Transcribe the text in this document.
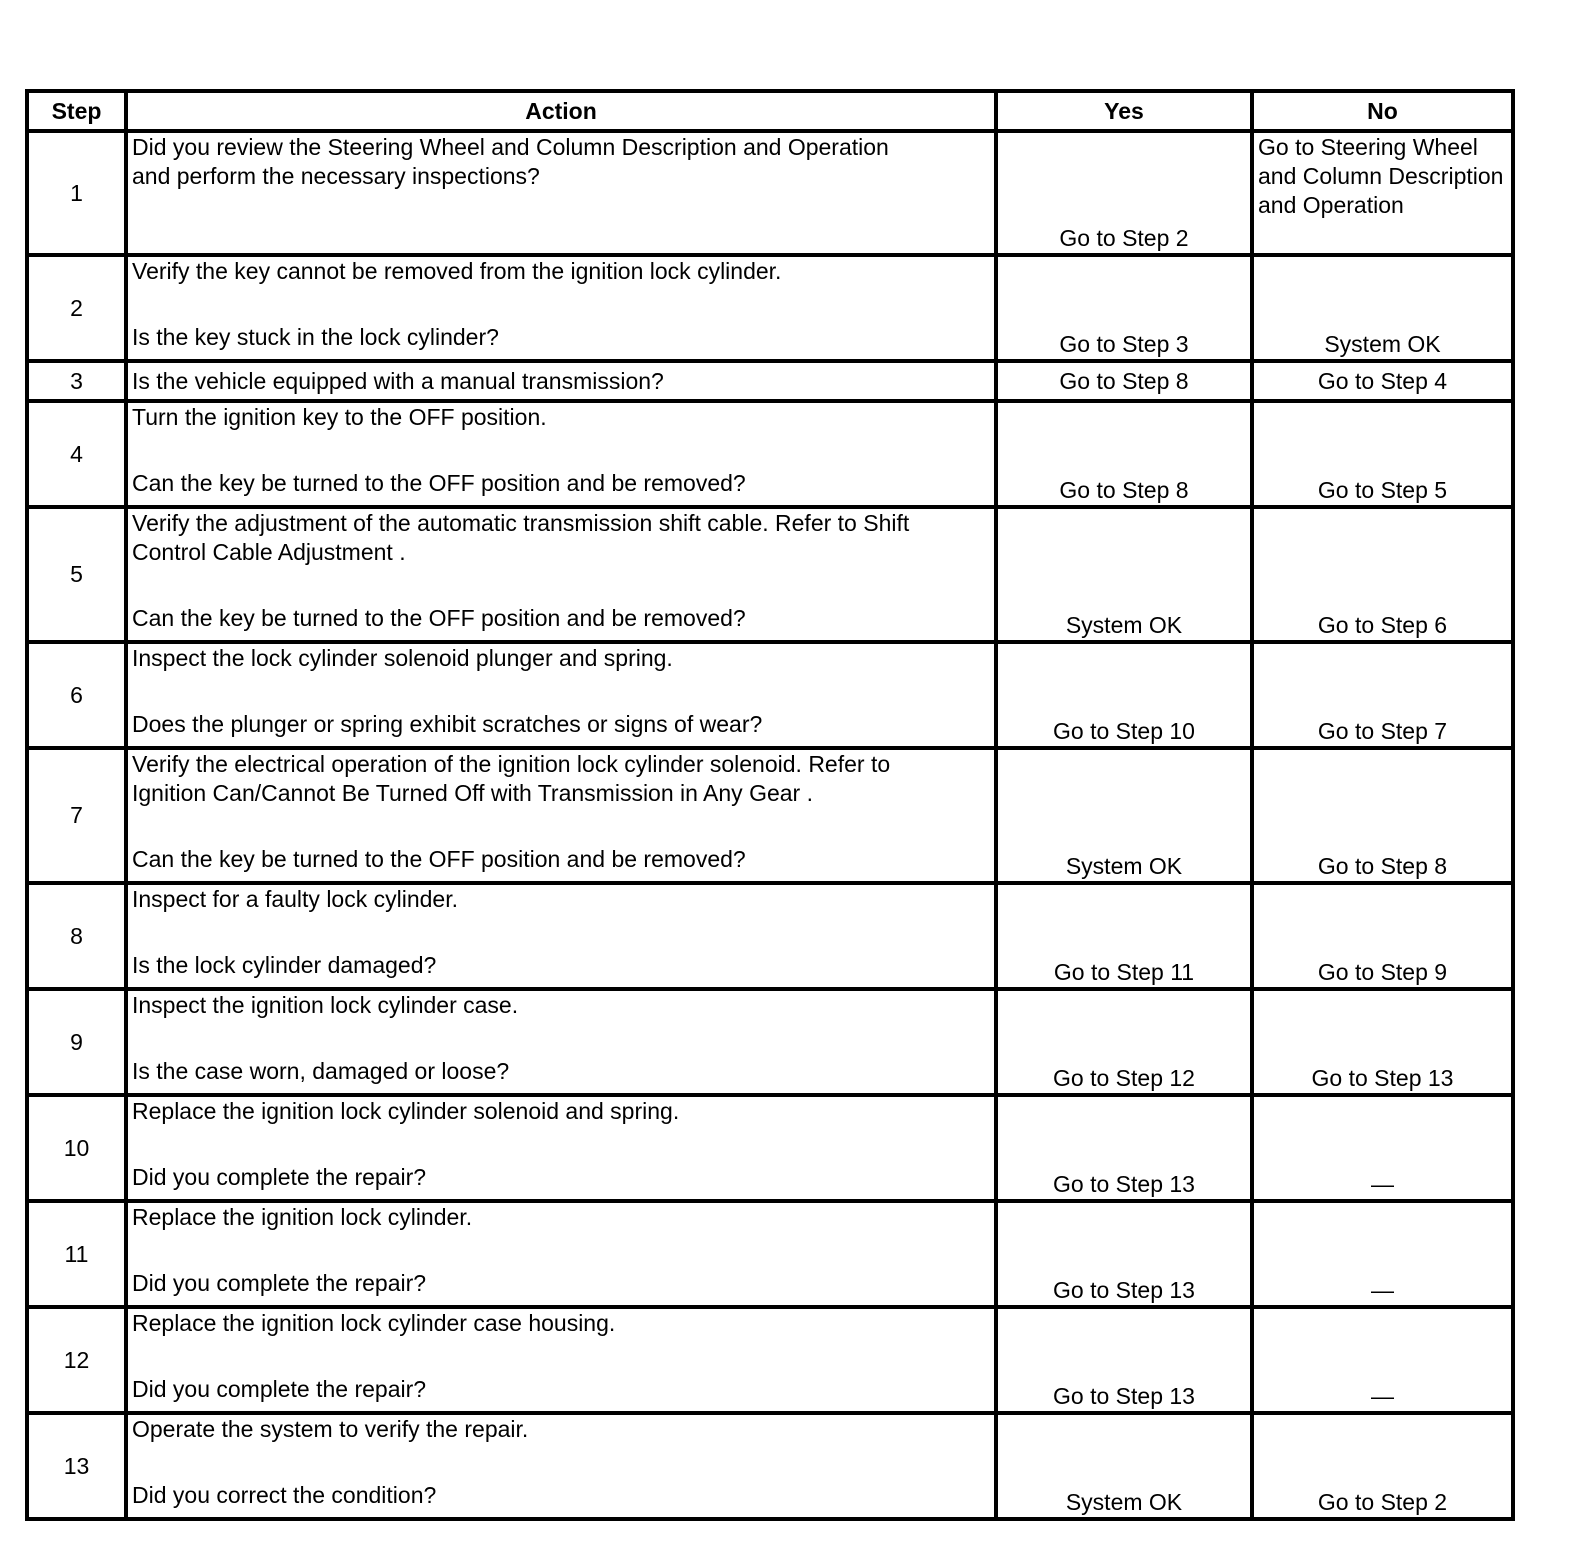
Step	Action	Yes	No
1	Did you review the Steering Wheel and Column Description and Operation
and perform the necessary inspections?	Go to Step 2	Go to Steering Wheel and Column Description and Operation
2	Verify the key cannot be removed from the ignition lock cylinder.
Is the key stuck in the lock cylinder?	Go to Step 3	System OK
3	Is the vehicle equipped with a manual transmission?	Go to Step 8	Go to Step 4
4	Turn the ignition key to the OFF position.
Can the key be turned to the OFF position and be removed?	Go to Step 8	Go to Step 5
5	Verify the adjustment of the automatic transmission shift cable. Refer to Shift
Control Cable Adjustment .
Can the key be turned to the OFF position and be removed?	System OK	Go to Step 6
6	Inspect the lock cylinder solenoid plunger and spring.
Does the plunger or spring exhibit scratches or signs of wear?	Go to Step 10	Go to Step 7
7	Verify the electrical operation of the ignition lock cylinder solenoid. Refer to
Ignition Can/Cannot Be Turned Off with Transmission in Any Gear .
Can the key be turned to the OFF position and be removed?	System OK	Go to Step 8
8	Inspect for a faulty lock cylinder.
Is the lock cylinder damaged?	Go to Step 11	Go to Step 9
9	Inspect the ignition lock cylinder case.
Is the case worn, damaged or loose?	Go to Step 12	Go to Step 13
10	Replace the ignition lock cylinder solenoid and spring.
Did you complete the repair?	Go to Step 13	—
11	Replace the ignition lock cylinder.
Did you complete the repair?	Go to Step 13	—
12	Replace the ignition lock cylinder case housing.
Did you complete the repair?	Go to Step 13	—
13	Operate the system to verify the repair.
Did you correct the condition?	System OK	Go to Step 2
